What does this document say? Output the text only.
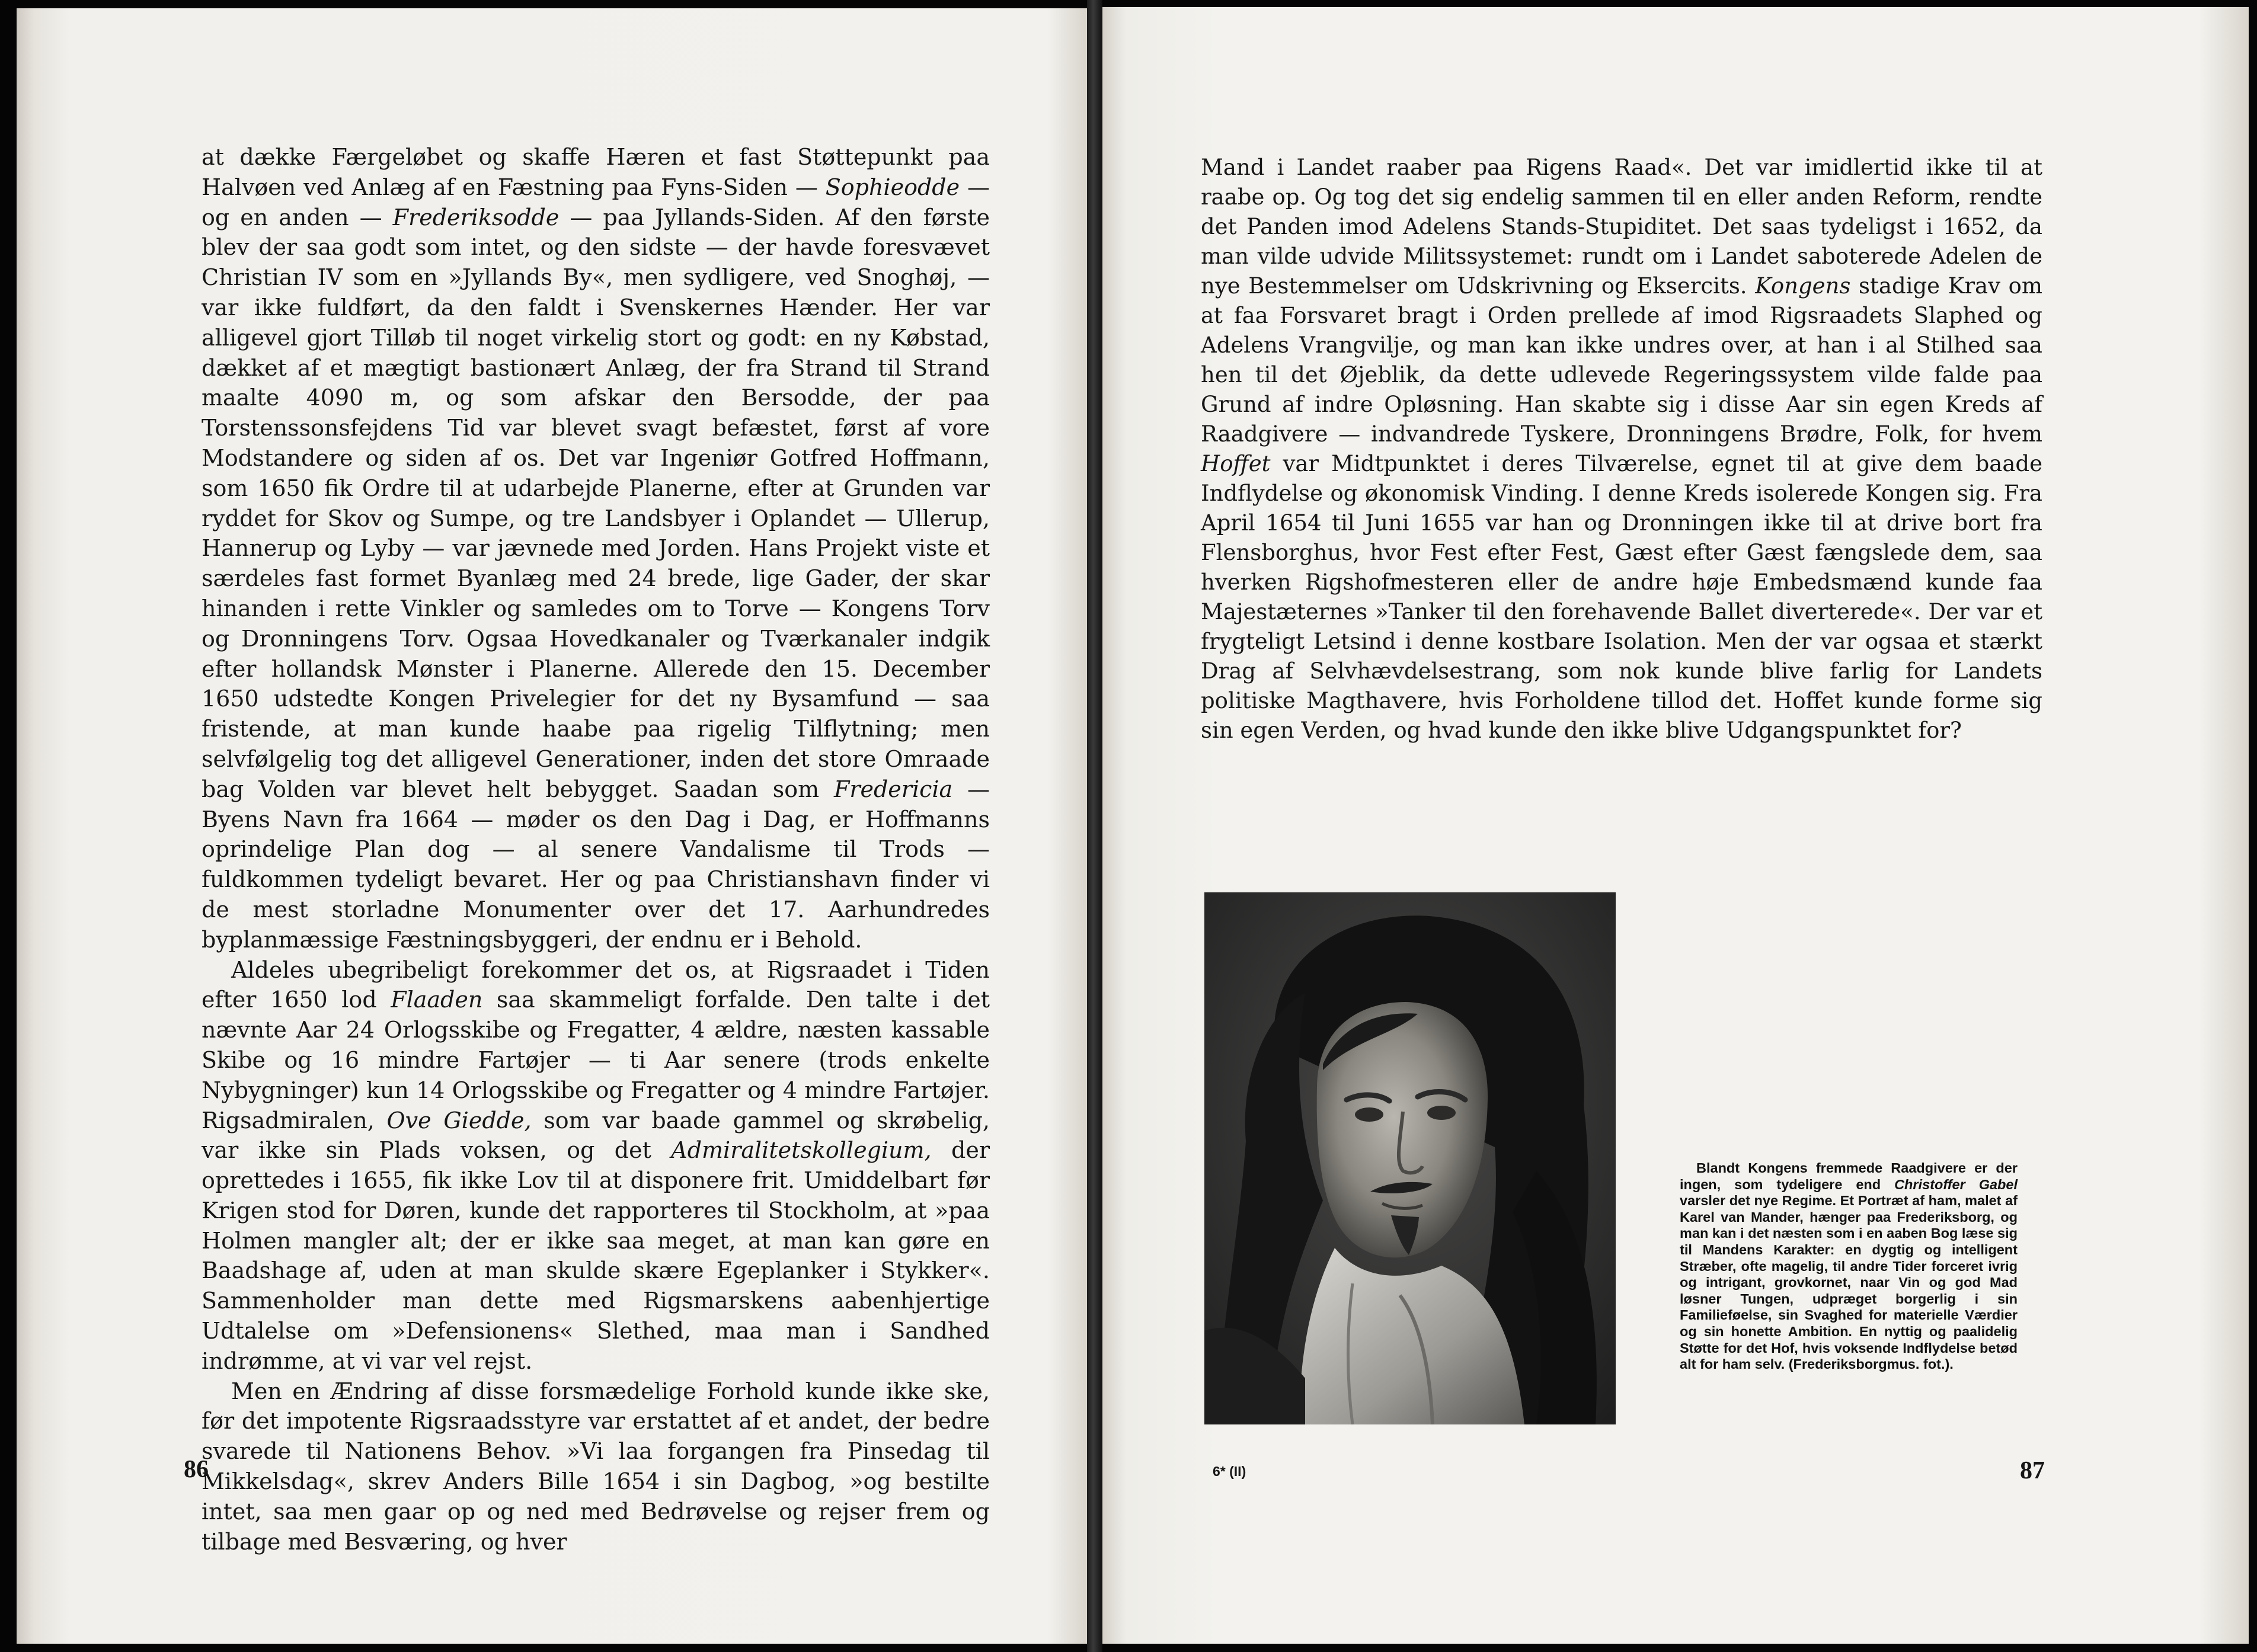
at dække Færgeløbet og skaffe Hæren et fast Støttepunkt paa Halvøen ved Anlæg af en Fæstning paa Fyns-Siden — Sophieodde — og en anden — Frederiksodde — paa Jyllands-Siden. Af den første blev der saa godt som intet, og den sidste — der havde foresvævet Christian IV som en »Jyllands By«, men sydligere, ved Snoghøj, — var ikke fuldført, da den faldt i Svenskernes Hænder. Her var alligevel gjort Tilløb til noget virkelig stort og godt: en ny Købstad, dækket af et mægtigt bastionært Anlæg, der fra Strand til Strand maalte 4090 m, og som afskar den Bersodde, der paa Torstenssonsfejdens Tid var blevet svagt befæstet, først af vore Modstandere og siden af os. Det var Ingeniør Gotfred Hoffmann, som 1650 fik Ordre til at udarbejde Planerne, efter at Grunden var ryddet for Skov og Sumpe, og tre Landsbyer i Oplandet — Ullerup, Hannerup og Lyby — var jævnede med Jorden. Hans Projekt viste et særdeles fast formet Byanlæg med 24 brede, lige Gader, der skar hinanden i rette Vinkler og samledes om to Torve — Kongens Torv og Dronningens Torv. Ogsaa Hovedkanaler og Tværkanaler indgik efter hollandsk Mønster i Planerne. Allerede den 15. December 1650 udstedte Kongen Privelegier for det ny Bysamfund — saa fristende, at man kunde haabe paa rigelig Tilflytning; men selvfølgelig tog det alligevel Generationer, inden det store Omraade bag Volden var blevet helt bebygget. Saadan som Fredericia — Byens Navn fra 1664 — møder os den Dag i Dag, er Hoffmanns oprindelige Plan dog — al senere Vandalisme til Trods — fuldkommen tydeligt bevaret. Her og paa Christianshavn finder vi de mest storladne Monumenter over det 17. Aarhundredes byplanmæssige Fæstningsbyggeri, der endnu er i Behold.

Aldeles ubegribeligt forekommer det os, at Rigsraadet i Tiden efter 1650 lod Flaaden saa skammeligt forfalde. Den talte i det nævnte Aar 24 Orlogsskibe og Fregatter, 4 ældre, næsten kassable Skibe og 16 mindre Fartøjer — ti Aar senere (trods enkelte Nybygninger) kun 14 Orlogsskibe og Fregatter og 4 mindre Fartøjer. Rigsadmiralen, Ove Giedde, som var baade gammel og skrøbelig, var ikke sin Plads voksen, og det Admiralitetskollegium, der oprettedes i 1655, fik ikke Lov til at disponere frit. Umiddelbart før Krigen stod for Døren, kunde det rapporteres til Stockholm, at »paa Holmen mangler alt; der er ikke saa meget, at man kan gøre en Baadshage af, uden at man skulde skære Egeplanker i Stykker«. Sammenholder man dette med Rigsmarskens aabenhjertige Udtalelse om »Defensionens« Slethed, maa man i Sandhed indrømme, at vi var vel rejst.

Men en Ændring af disse forsmædelige Forhold kunde ikke ske, før det impotente Rigsraadsstyre var erstattet af et andet, der bedre svarede til Nationens Behov. »Vi laa forgangen fra Pinsedag til Mikkelsdag«, skrev Anders Bille 1654 i sin Dagbog, »og bestilte intet, saa men gaar op og ned med Bedrøvelse og rejser frem og tilbage med Besværing, og hver

86

Mand i Landet raaber paa Rigens Raad«. Det var imidlertid ikke til at raabe op. Og tog det sig endelig sammen til en eller anden Reform, rendte det Panden imod Adelens Stands-Stupiditet. Det saas tydeligst i 1652, da man vilde udvide Militssystemet: rundt om i Landet saboterede Adelen de nye Bestemmelser om Udskrivning og Eksercits. Kongens stadige Krav om at faa Forsvaret bragt i Orden prellede af imod Rigsraadets Slaphed og Adelens Vrangvilje, og man kan ikke undres over, at han i al Stilhed saa hen til det Øjeblik, da dette udlevede Regeringssystem vilde falde paa Grund af indre Opløsning. Han skabte sig i disse Aar sin egen Kreds af Raadgivere — indvandrede Tyskere, Dronningens Brødre, Folk, for hvem Hoffet var Midtpunktet i deres Tilværelse, egnet til at give dem baade Indflydelse og økonomisk Vinding. I denne Kreds isolerede Kongen sig. Fra April 1654 til Juni 1655 var han og Dronningen ikke til at drive bort fra Flensborghus, hvor Fest efter Fest, Gæst efter Gæst fængslede dem, saa hverken Rigshofmesteren eller de andre høje Embedsmænd kunde faa Majestæternes »Tanker til den forehavende Ballet diverterede«. Der var et frygteligt Letsind i denne kostbare Isolation. Men der var ogsaa et stærkt Drag af Selvhævdelsestrang, som nok kunde blive farlig for Landets politiske Magthavere, hvis Forholdene tillod det. Hoffet kunde forme sig sin egen Verden, og hvad kunde den ikke blive Udgangspunktet for?

Blandt Kongens fremmede Raadgivere er der ingen, som tydeligere end Christoffer Gabel varsler det nye Regime. Et Portræt af ham, malet af Karel van Mander, hænger paa Frederiksborg, og man kan i det næsten som i en aaben Bog læse sig til Mandens Karakter: en dygtig og intelligent Stræber, ofte magelig, til andre Tider forceret ivrig og intrigant, grovkornet, naar Vin og god Mad løsner Tungen, udpræget borgerlig i sin Familieføelse, sin Svaghed for materielle Værdier og sin honette Ambition. En nyttig og paalidelig Støtte for det Hof, hvis voksende Indflydelse betød alt for ham selv. (Frederiksborgmus. fot.).
6* (II)	87
